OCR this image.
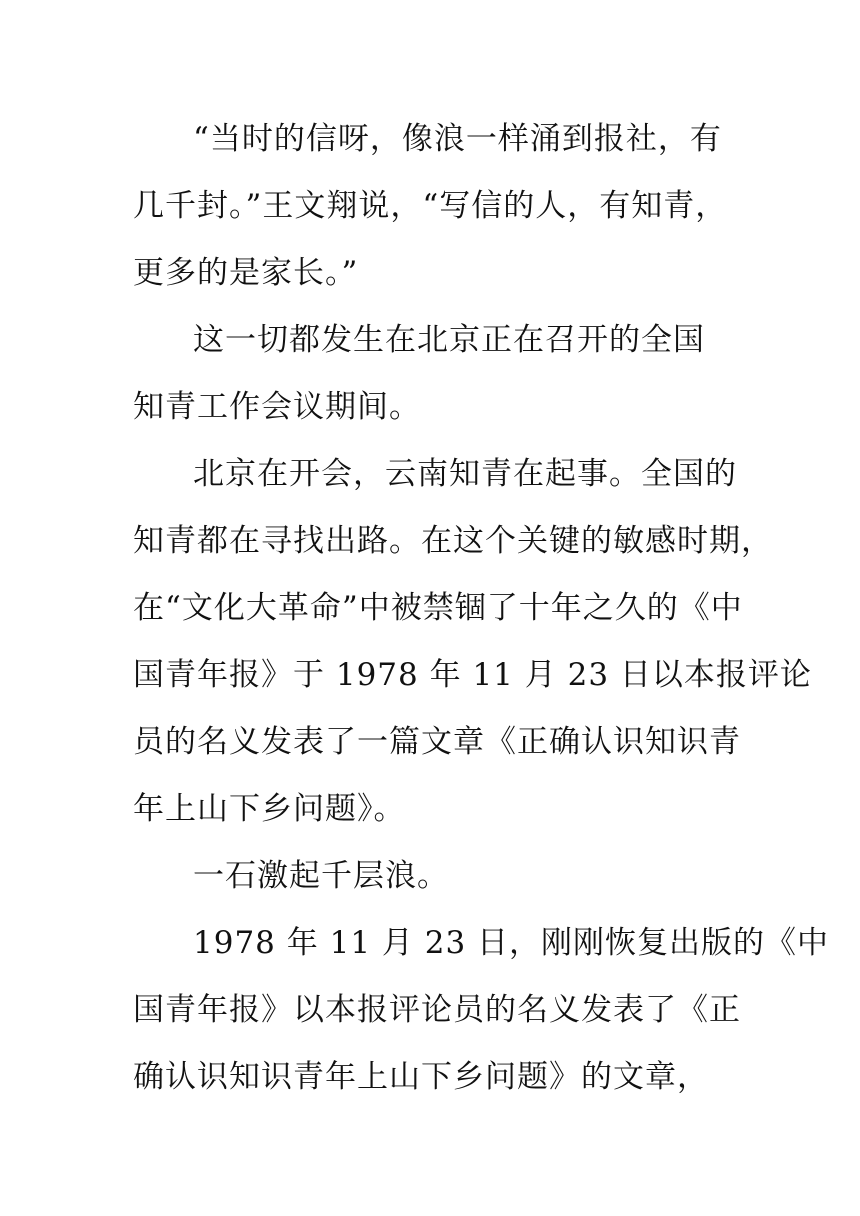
“当时的信呀，像浪一样涌到报社，有
几千封。”王文翔说，“写信的人，有知青，
更多的是家长。”
这一切都发生在北京正在召开的全国
知青工作会议期间。
北京在开会，云南知青在起事。全国的
知青都在寻找出路。在这个关键的敏感时期，
在“文化大革命”中被禁锢了十年之久的《中
国青年报》于 1978 年 11 月 23 日以本报评论
员的名义发表了一篇文章《正确认识知识青
年上山下乡问题》。
一石激起千层浪。
1978 年 11 月 23 日，刚刚恢复出版的《中
国青年报》以本报评论员的名义发表了《正
确认识知识青年上山下乡问题》的文章，
